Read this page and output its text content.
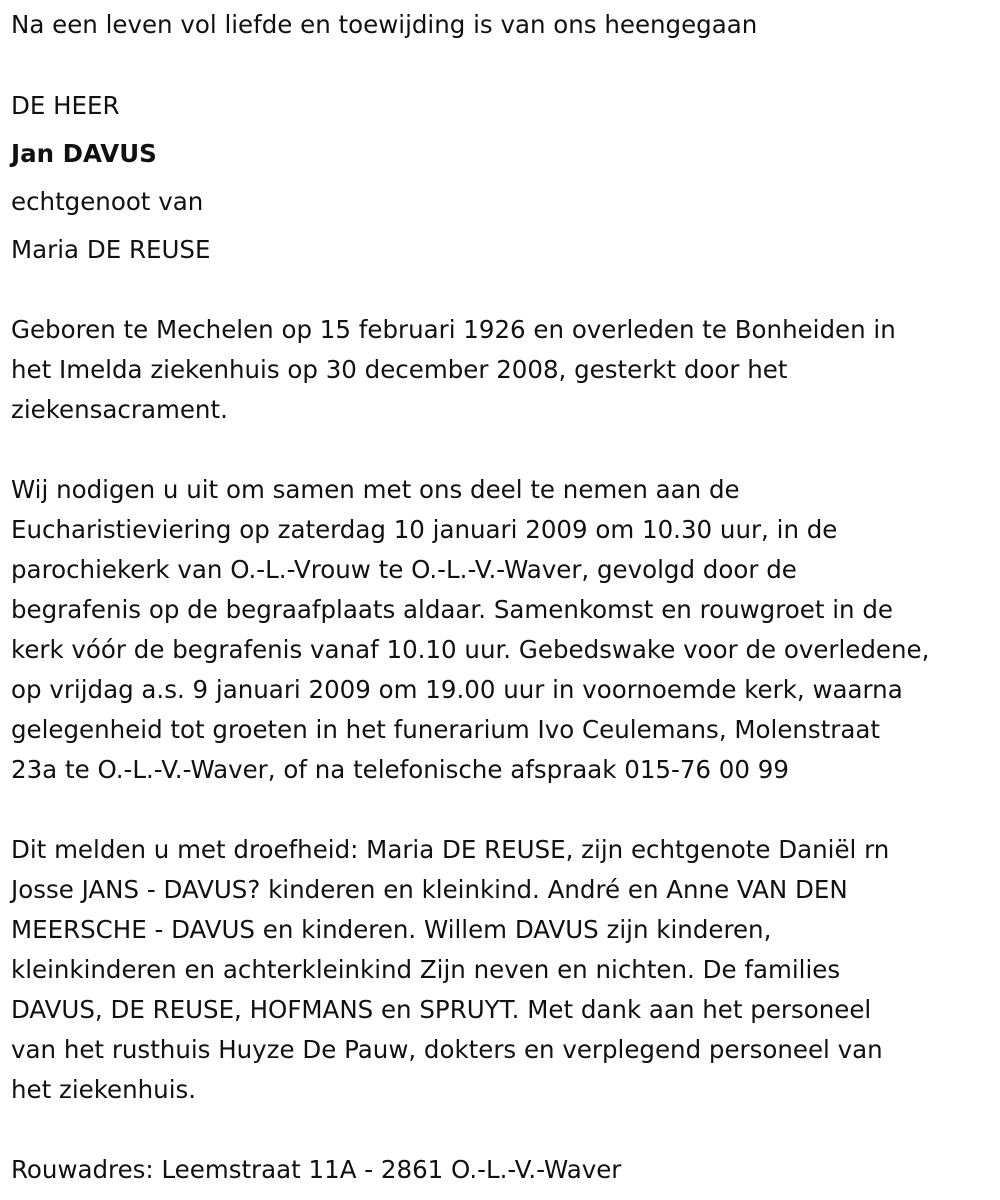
Na een leven vol liefde en toewijding is van ons heengegaan
DE HEER
Jan DAVUS
echtgenoot van
Maria DE REUSE
Geboren te Mechelen op 15 februari 1926 en overleden te Bonheiden in
het Imelda ziekenhuis op 30 december 2008, gesterkt door het
ziekensacrament.
Wij nodigen u uit om samen met ons deel te nemen aan de
Eucharistieviering op zaterdag 10 januari 2009 om 10.30 uur, in de
parochiekerk van O.-L.-Vrouw te O.-L.-V.-Waver, gevolgd door de
begrafenis op de begraafplaats aldaar. Samenkomst en rouwgroet in de
kerk vóór de begrafenis vanaf 10.10 uur. Gebedswake voor de overledene,
op vrijdag a.s. 9 januari 2009 om 19.00 uur in voornoemde kerk, waarna
gelegenheid tot groeten in het funerarium Ivo Ceulemans, Molenstraat
23a te O.-L.-V.-Waver, of na telefonische afspraak 015-76 00 99
Dit melden u met droefheid: Maria DE REUSE, zijn echtgenote Daniël rn
Josse JANS - DAVUS? kinderen en kleinkind. André en Anne VAN DEN
MEERSCHE - DAVUS en kinderen. Willem DAVUS zijn kinderen,
kleinkinderen en achterkleinkind Zijn neven en nichten. De families
DAVUS, DE REUSE, HOFMANS en SPRUYT. Met dank aan het personeel
van het rusthuis Huyze De Pauw, dokters en verplegend personeel van
het ziekenhuis.
Rouwadres: Leemstraat 11A - 2861 O.-L.-V.-Waver
